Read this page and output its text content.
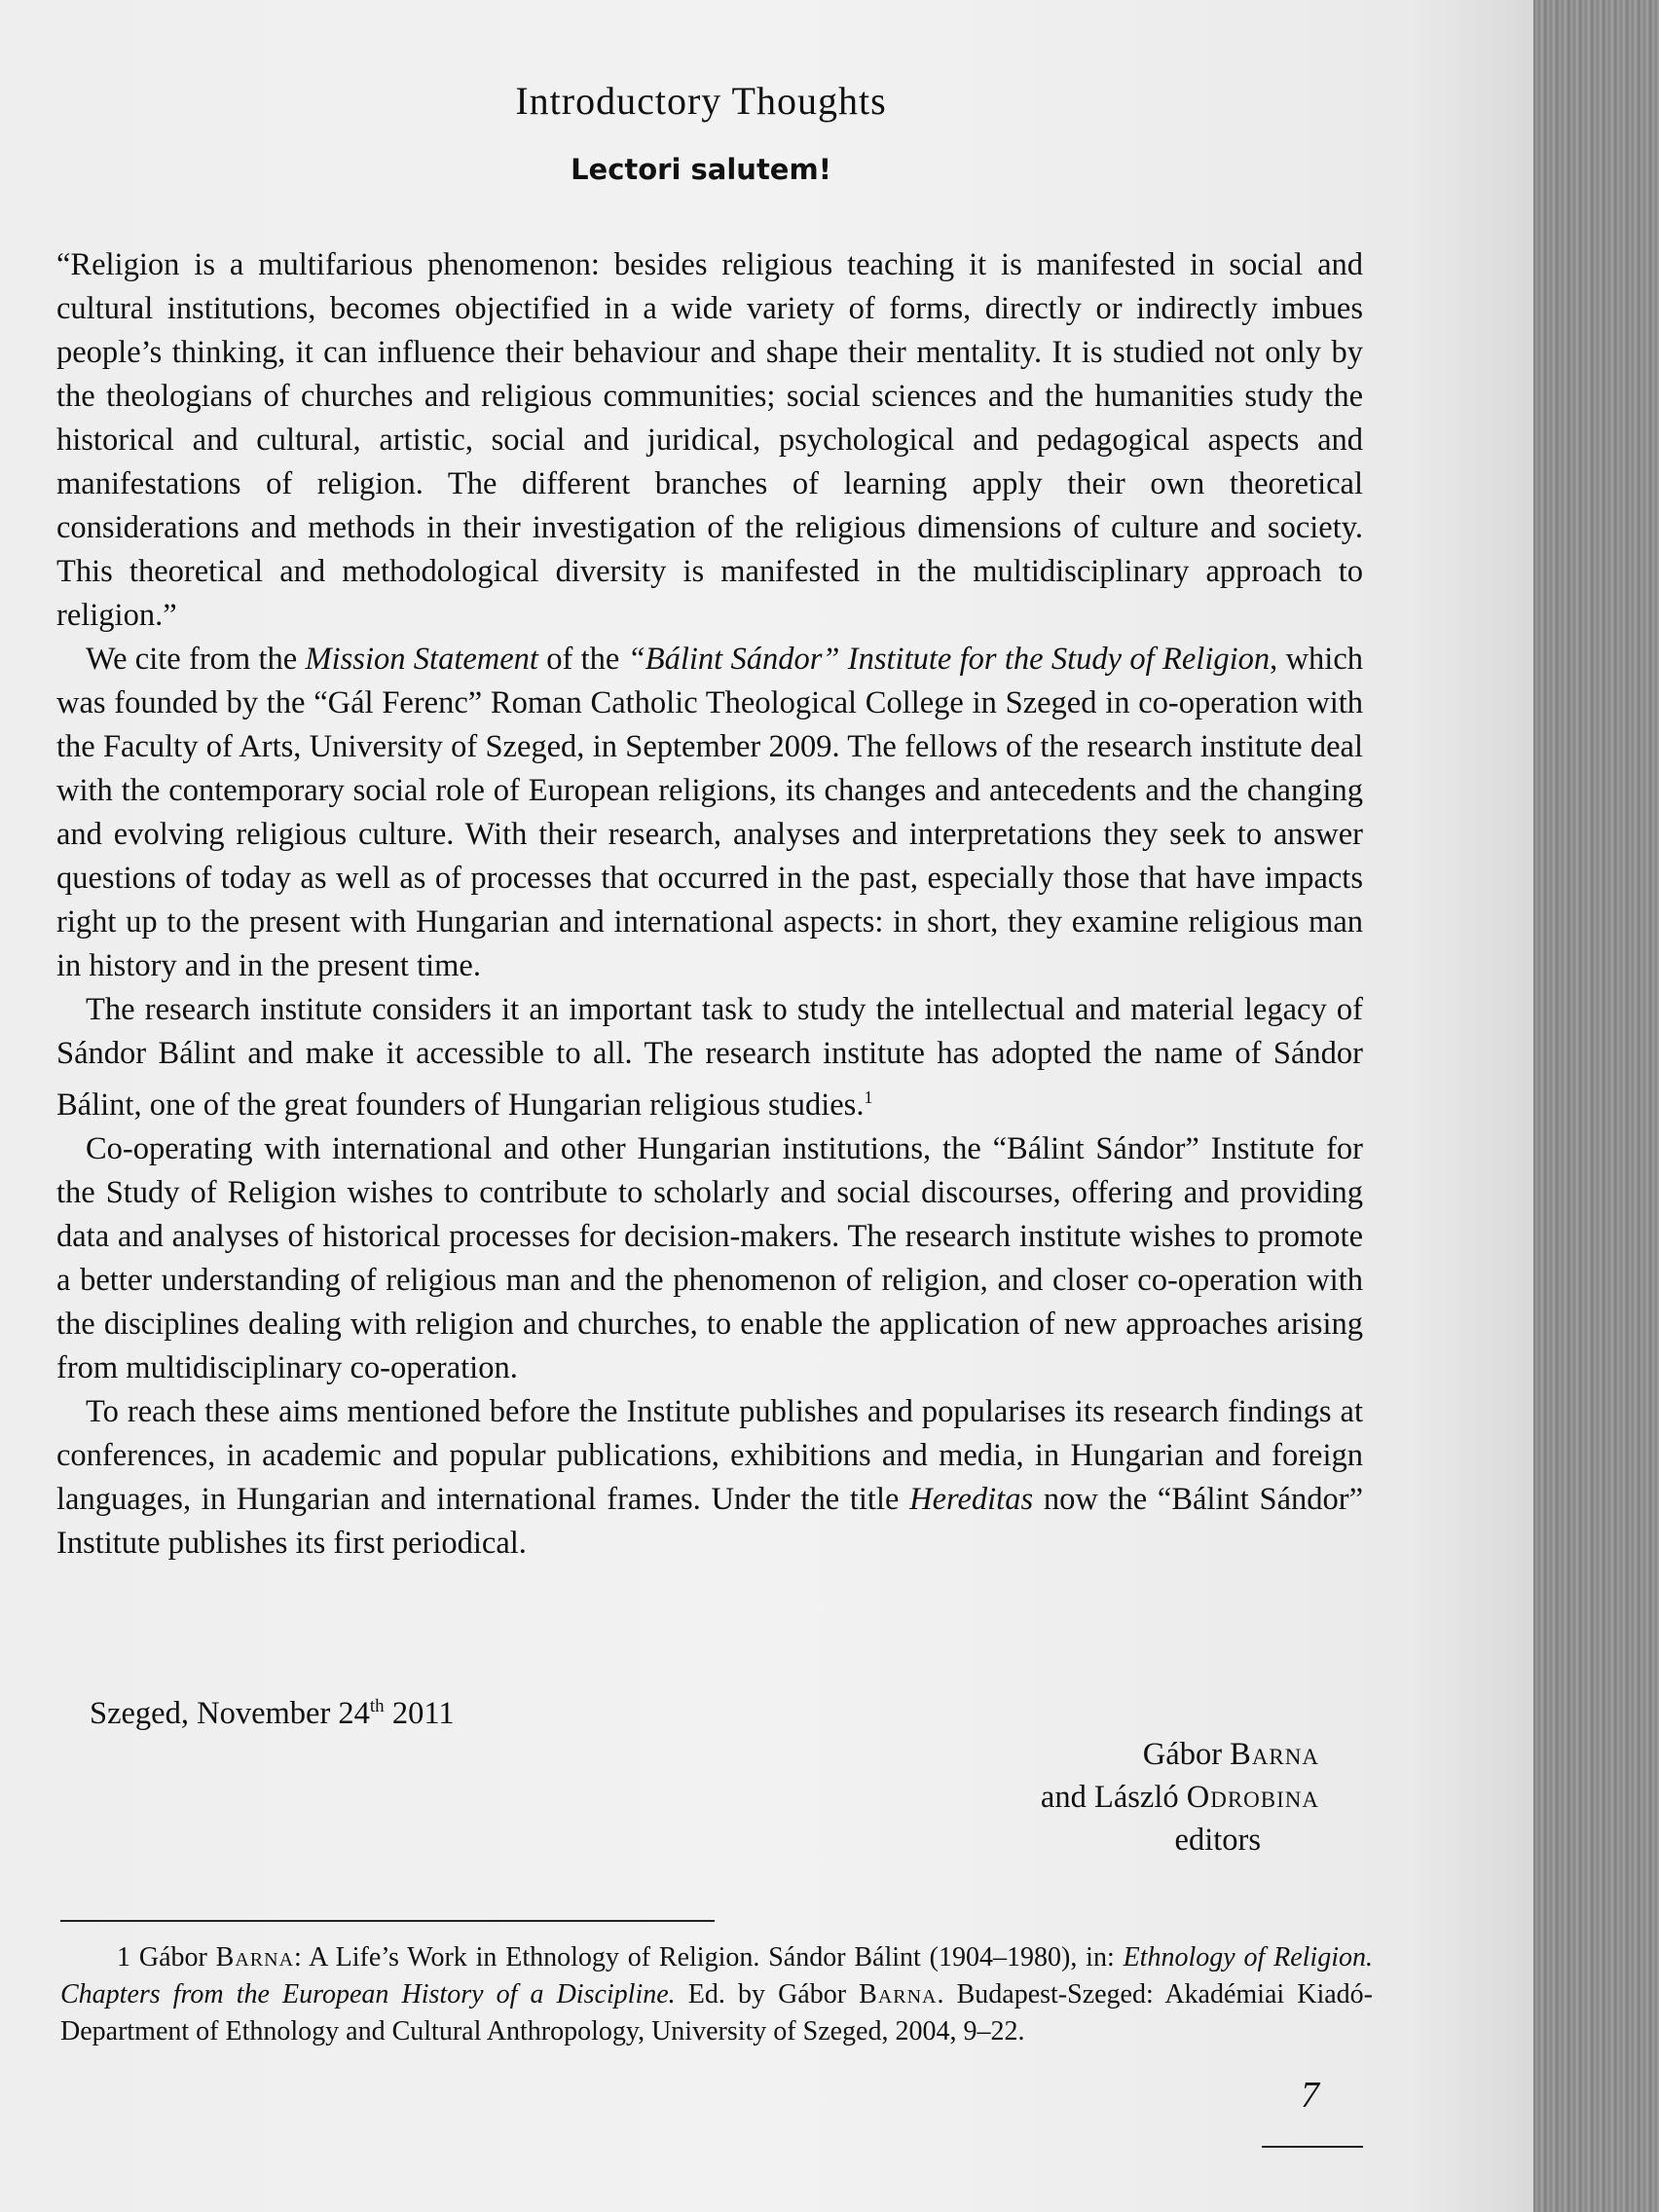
Introductory Thoughts
Lectori salutem!

“Religion is a multifarious phenomenon: besides religious teaching it is manifested in social and cultural institutions, becomes objectified in a wide variety of forms, directly or indirectly imbues people’s thinking, it can influence their behaviour and shape their mentality. It is studied not only by the theologians of churches and religious communities; social sciences and the humanities study the historical and cultural, artistic, social and juridical, psychological and pedagogical aspects and manifestations of religion. The different branches of learning apply their own theoretical considerations and methods in their investigation of the religious dimensions of culture and society. This theoretical and methodological diversity is manifested in the multidisciplinary approach to religion.”

We cite from the Mission Statement of the “Bálint Sándor” Institute for the Study of Religion, which was founded by the “Gál Ferenc” Roman Catholic Theological College in Szeged in co-operation with the Faculty of Arts, University of Szeged, in September 2009. The fellows of the research institute deal with the contemporary social role of European religions, its changes and antecedents and the changing and evolving religious culture. With their research, analyses and interpretations they seek to answer questions of today as well as of processes that occurred in the past, especially those that have impacts right up to the present with Hungarian and international aspects: in short, they examine religious man in history and in the present time.

The research institute considers it an important task to study the intellectual and material legacy of Sándor Bálint and make it accessible to all. The research institute has adopted the name of Sándor Bálint, one of the great founders of Hungarian religious studies.$^1$

Co-operating with international and other Hungarian institutions, the “Bálint Sándor” Institute for the Study of Religion wishes to contribute to scholarly and social discourses, offering and providing data and analyses of historical processes for decision-makers. The research institute wishes to promote a better understanding of religious man and the phenomenon of religion, and closer co-operation with the disciplines dealing with religion and churches, to enable the application of new approaches arising from multidisciplinary co-operation.

To reach these aims mentioned before the Institute publishes and popularises its research findings at conferences, in academic and popular publications, exhibitions and media, in Hungarian and foreign languages, in Hungarian and international frames. Under the title Hereditas now the “Bálint Sándor” Institute publishes its first periodical.

Szeged, November 24th 2011
Gábor Barna
and László Odrobina
editors

1 Gábor Barna: A Life’s Work in Ethnology of Religion. Sándor Bálint (1904–1980), in: Ethnology of Religion. Chapters from the European History of a Discipline. Ed. by Gábor Barna. Budapest-Szeged: Akadémiai Kiadó-Department of Ethnology and Cultural Anthropology, University of Szeged, 2004, 9–22.

7
